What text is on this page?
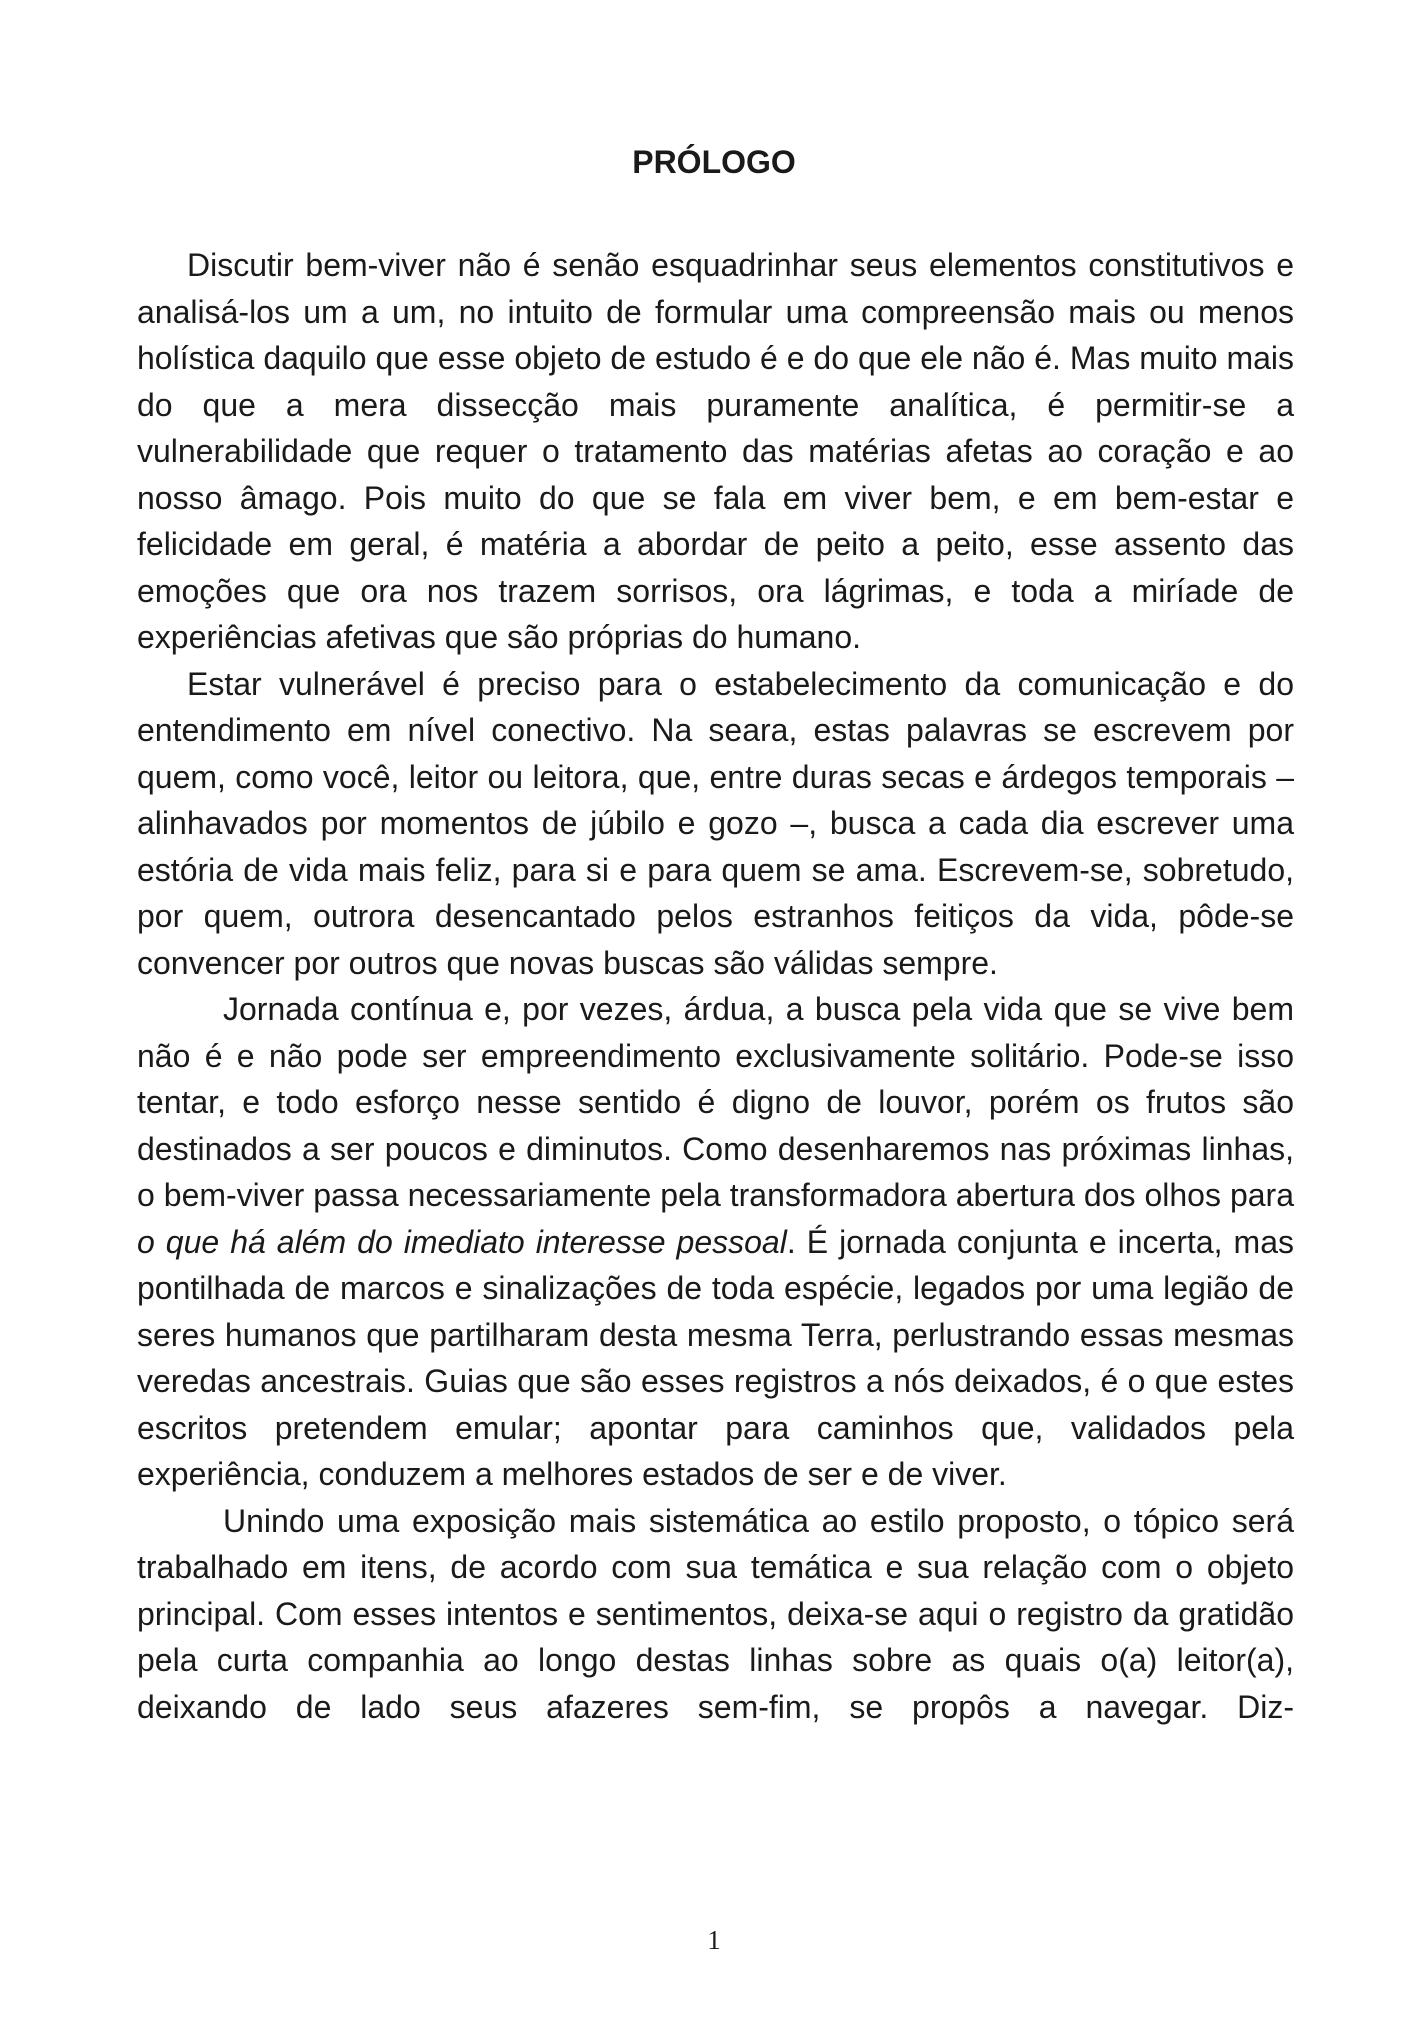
PRÓLOGO

Discutir bem-viver não é senão esquadrinhar seus elementos constitutivos e analisá-los um a um, no intuito de formular uma compreensão mais ou menos holística daquilo que esse objeto de estudo é e do que ele não é. Mas muito mais do que a mera dissecção mais puramente analítica, é permitir-se a vulnerabilidade que requer o tratamento das matérias afetas ao coração e ao nosso âmago. Pois muito do que se fala em viver bem, e em bem-estar e felicidade em geral, é matéria a abordar de peito a peito, esse assento das emoções que ora nos trazem sorrisos, ora lágrimas, e toda a miríade de experiências afetivas que são próprias do humano.

Estar vulnerável é preciso para o estabelecimento da comunicação e do entendimento em nível conectivo. Na seara, estas palavras se escrevem por quem, como você, leitor ou leitora, que, entre duras secas e árdegos temporais – alinhavados por momentos de júbilo e gozo –, busca a cada dia escrever uma estória de vida mais feliz, para si e para quem se ama. Escrevem-se, sobretudo, por quem, outrora desencantado pelos estranhos feitiços da vida, pôde-se convencer por outros que novas buscas são válidas sempre.

Jornada contínua e, por vezes, árdua, a busca pela vida que se vive bem não é e não pode ser empreendimento exclusivamente solitário. Pode-se isso tentar, e todo esforço nesse sentido é digno de louvor, porém os frutos são destinados a ser poucos e diminutos. Como desenharemos nas próximas linhas, o bem-viver passa necessariamente pela transformadora abertura dos olhos para o que há além do imediato interesse pessoal. É jornada conjunta e incerta, mas pontilhada de marcos e sinalizações de toda espécie, legados por uma legião de seres humanos que partilharam desta mesma Terra, perlustrando essas mesmas veredas ancestrais. Guias que são esses registros a nós deixados, é o que estes escritos pretendem emular; apontar para caminhos que, validados pela experiência, conduzem a melhores estados de ser e de viver.

Unindo uma exposição mais sistemática ao estilo proposto, o tópico será trabalhado em itens, de acordo com sua temática e sua relação com o objeto principal. Com esses intentos e sentimentos, deixa-se aqui o registro da gratidão pela curta companhia ao longo destas linhas sobre as quais o(a) leitor(a), deixando de lado seus afazeres sem-fim, se propôs a navegar. Diz-

1
